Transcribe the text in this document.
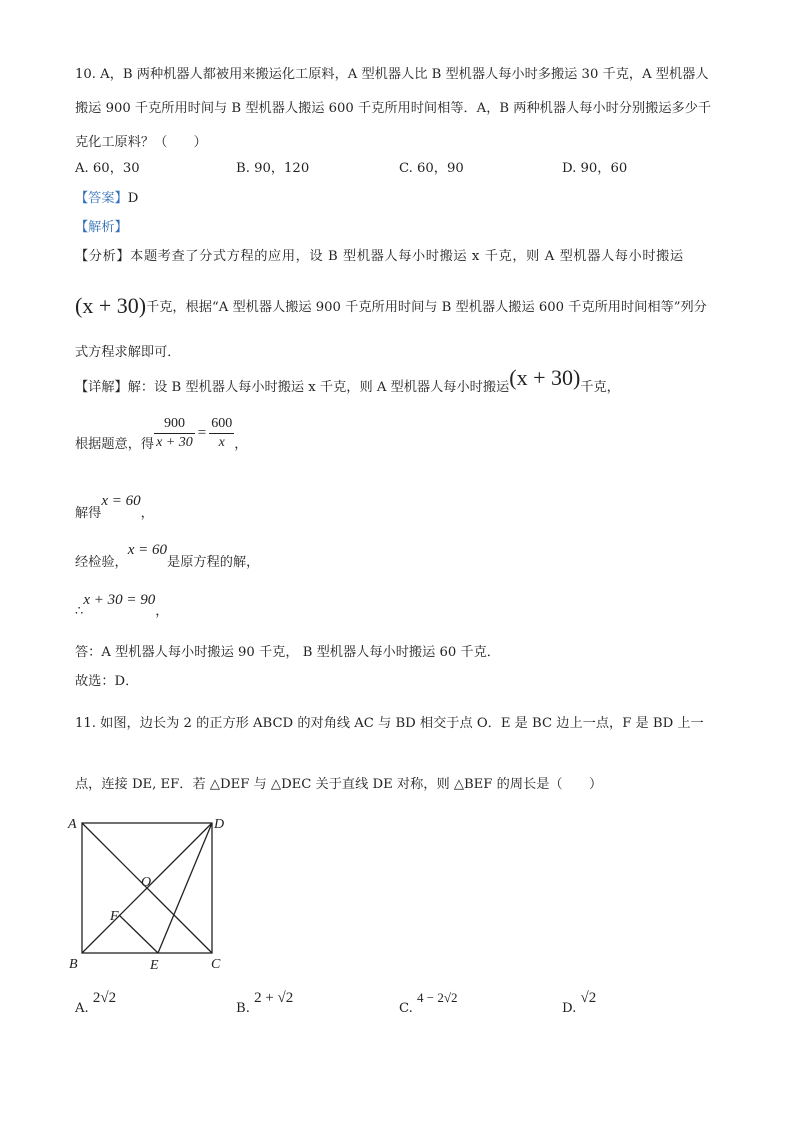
10. A，B 两种机器人都被用来搬运化工原料，A 型机器人比 B 型机器人每小时多搬运 30 千克，A 型机器人
搬运 900 千克所用时间与 B 型机器人搬运 600 千克所用时间相等．A，B 两种机器人每小时分别搬运多少千
克化工原料？（　　）
A. 60，30	B. 90，120	C. 60，90	D. 90，60
【答案】D
【解析】
【分析】本题考查了分式方程的应用，设 B 型机器人每小时搬运 x 千克，则 A 型机器人每小时搬运
(x + 30)千克，根据“A 型机器人搬运 900 千克所用时间与 B 型机器人搬运 600 千克所用时间相等”列分
式方程求解即可．
【详解】解：设 B 型机器人每小时搬运 x 千克，则 A 型机器人每小时搬运(x + 30)千克，
根据题意，得 $\frac{900}{x + 30} = \frac{600}{x}$ ，
解得x = 60，
经检验，x = 60是原方程的解，
∴x + 30 = 90，
答：A 型机器人每小时搬运 90 千克， B 型机器人每小时搬运 60 千克．
故选：D．
11. 如图，边长为 2 的正方形 ABCD 的对角线 AC 与 BD 相交于点 O．E 是 BC 边上一点，F 是 BD 上一
点，连接 DE, EF．若 △DEF 与 △DEC 关于直线 DE 对称，则 △BEF 的周长是（　　）
A	D
O
F
B	E	C
A. 2√2
B. 2 + √2
C. 4 − 2√2
D. √2
